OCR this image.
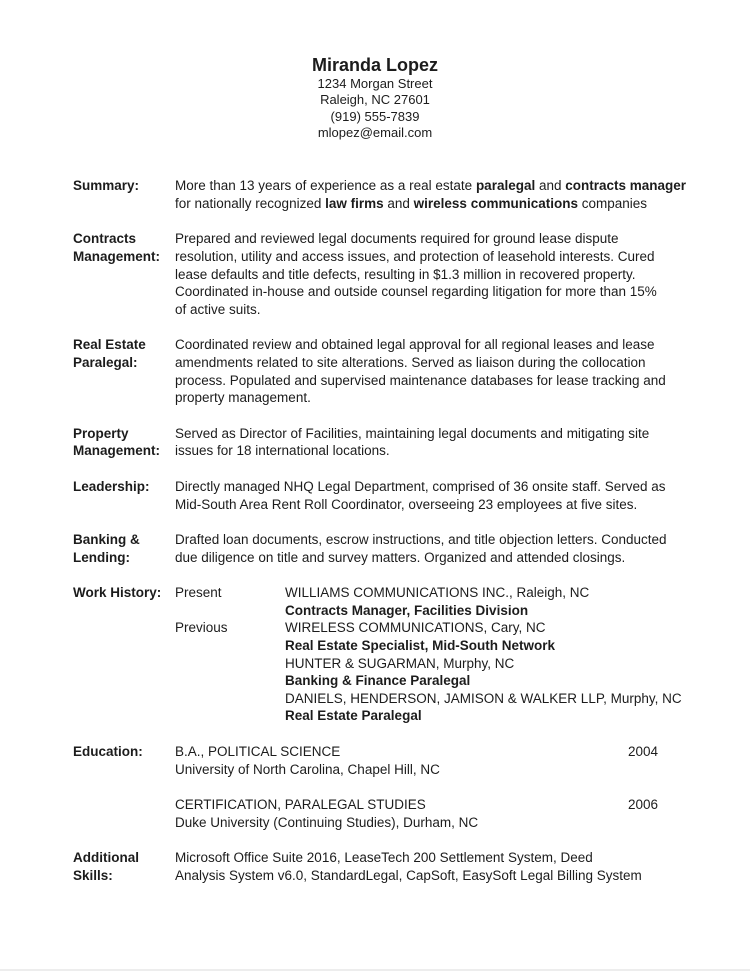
Miranda Lopez
1234 Morgan Street
Raleigh, NC 27601
(919) 555-7839
mlopez@email.com
Summary:	More than 13 years of experience as a real estate paralegal and contracts manager
for nationally recognized law firms and wireless communications companies
Contracts
Management:
Prepared and reviewed legal documents required for ground lease dispute
resolution, utility and access issues, and protection of leasehold interests. Cured
lease defaults and title defects, resulting in $1.3 million in recovered property.
Coordinated in-house and outside counsel regarding litigation for more than 15%
of active suits.
Real Estate
Paralegal:
Coordinated review and obtained legal approval for all regional leases and lease
amendments related to site alterations. Served as liaison during the collocation
process. Populated and supervised maintenance databases for lease tracking and
property management.
Property
Management:
Served as Director of Facilities, maintaining legal documents and mitigating site
issues for 18 international locations.
Leadership:	Directly managed NHQ Legal Department, comprised of 36 onsite staff. Served as
Mid-South Area Rent Roll Coordinator, overseeing 23 employees at five sites.
Banking &
Lending:
Drafted loan documents, escrow instructions, and title objection letters. Conducted
due diligence on title and survey matters. Organized and attended closings.
Work History:	Present	WILLIAMS COMMUNICATIONS INC., Raleigh, NC
Contracts Manager, Facilities Division
Previous	WIRELESS COMMUNICATIONS, Cary, NC
Real Estate Specialist, Mid-South Network
HUNTER & SUGARMAN, Murphy, NC
Banking & Finance Paralegal
DANIELS, HENDERSON, JAMISON & WALKER LLP, Murphy, NC
Real Estate Paralegal
Education:	B.A., POLITICAL SCIENCE	2004
University of North Carolina, Chapel Hill, NC
CERTIFICATION, PARALEGAL STUDIES	2006
Duke University (Continuing Studies), Durham, NC
Additional
Skills:
Microsoft Office Suite 2016, LeaseTech 200 Settlement System, Deed
Analysis System v6.0, StandardLegal, CapSoft, EasySoft Legal Billing System
